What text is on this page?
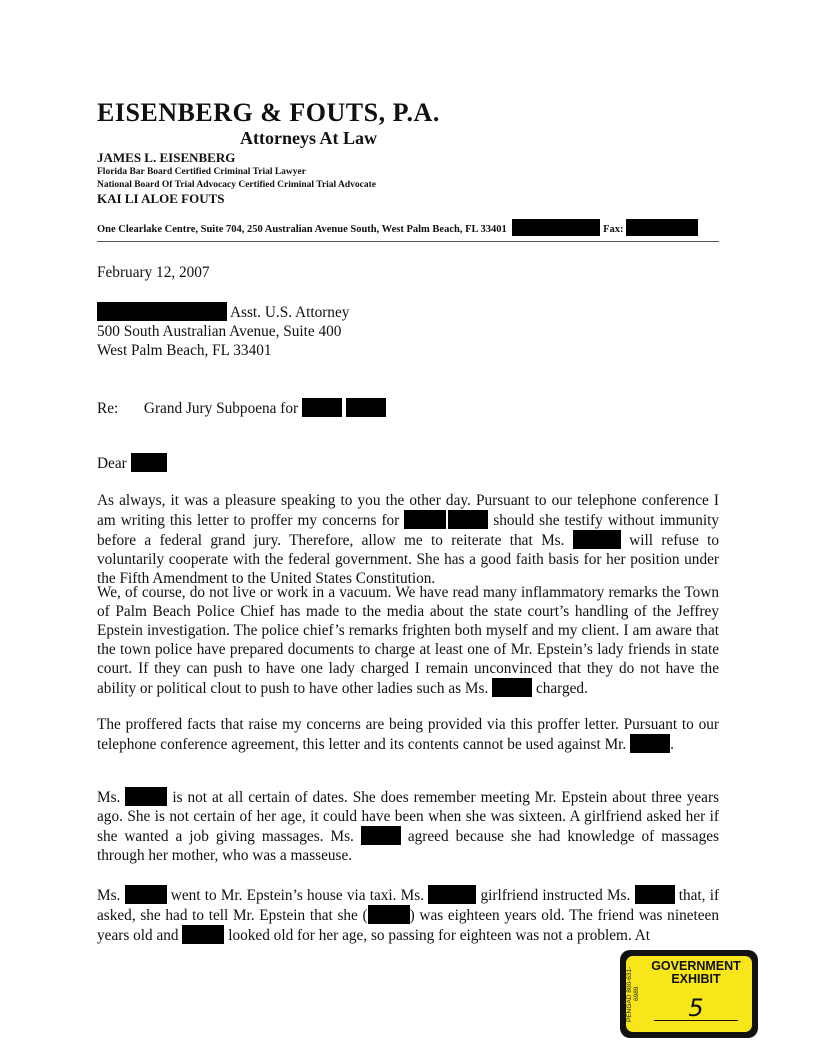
EISENBERG & FOUTS, P.A.
Attorneys At Law
JAMES L. EISENBERG
Florida Bar Board Certified Criminal Trial Lawyer
National Board Of Trial Advocacy Certified Criminal Trial Advocate
KAI LI ALOE FOUTS
One Clearlake Centre, Suite 704, 250 Australian Avenue South, West Palm Beach, FL 33401	Fax:
February 12, 2007
Asst. U.S. Attorney
500 South Australian Avenue, Suite 400
West Palm Beach, FL 33401
Re: Grand Jury Subpoena for
Dear
As always, it was a pleasure speaking to you the other day. Pursuant to our telephone conference I am writing this letter to proffer my concerns for	should she testify without immunity before a federal grand jury. Therefore, allow me to reiterate that Ms.	will refuse to voluntarily cooperate with the federal government. She has a good faith basis for her position under the Fifth Amendment to the United States Constitution.
We, of course, do not live or work in a vacuum. We have read many inflammatory remarks the Town of Palm Beach Police Chief has made to the media about the state court’s handling of the Jeffrey Epstein investigation. The police chief’s remarks frighten both myself and my client. I am aware that the town police have prepared documents to charge at least one of Mr. Epstein’s lady friends in state court. If they can push to have one lady charged I remain unconvinced that they do not have the ability or political clout to push to have other ladies such as Ms.	charged.
The proffered facts that raise my concerns are being provided via this proffer letter. Pursuant to our telephone conference agreement, this letter and its contents cannot be used against Mr.	.
Ms.	is not at all certain of dates. She does remember meeting Mr. Epstein about three years ago. She is not certain of her age, it could have been when she was sixteen. A girlfriend asked her if she wanted a job giving massages. Ms.	agreed because she had knowledge of massages through her mother, who was a masseuse.
Ms.	went to Mr. Epstein’s house via taxi. Ms.	girlfriend instructed Ms.	that, if asked, she had to tell Mr. Epstein that she (	) was eighteen years old. The friend was nineteen years old and	looked old for her age, so passing for eighteen was not a problem. At
PENGAD 800-631-6989
GOVERNMENT EXHIBIT
5
